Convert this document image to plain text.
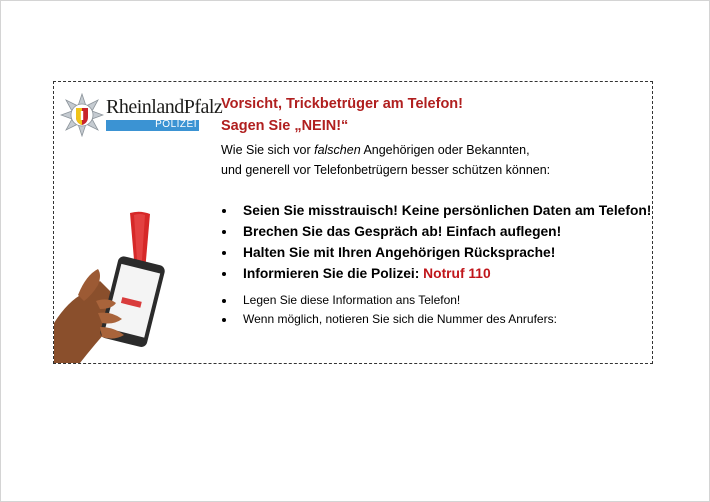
RheinlandPfalz
POLIZEI
Vorsicht, Trickbetrüger am Telefon!
Sagen Sie „NEIN!“
Wie Sie sich vor falschen Angehörigen oder Bekannten,
und generell vor Telefonbetrügern besser schützen können:
Seien Sie misstrauisch! Keine persönlichen Daten am Telefon!
Brechen Sie das Gespräch ab! Einfach auflegen!
Halten Sie mit Ihren Angehörigen Rücksprache!
Informieren Sie die Polizei: Notruf 110
Legen Sie diese Information ans Telefon!
Wenn möglich, notieren Sie sich die Nummer des Anrufers:
